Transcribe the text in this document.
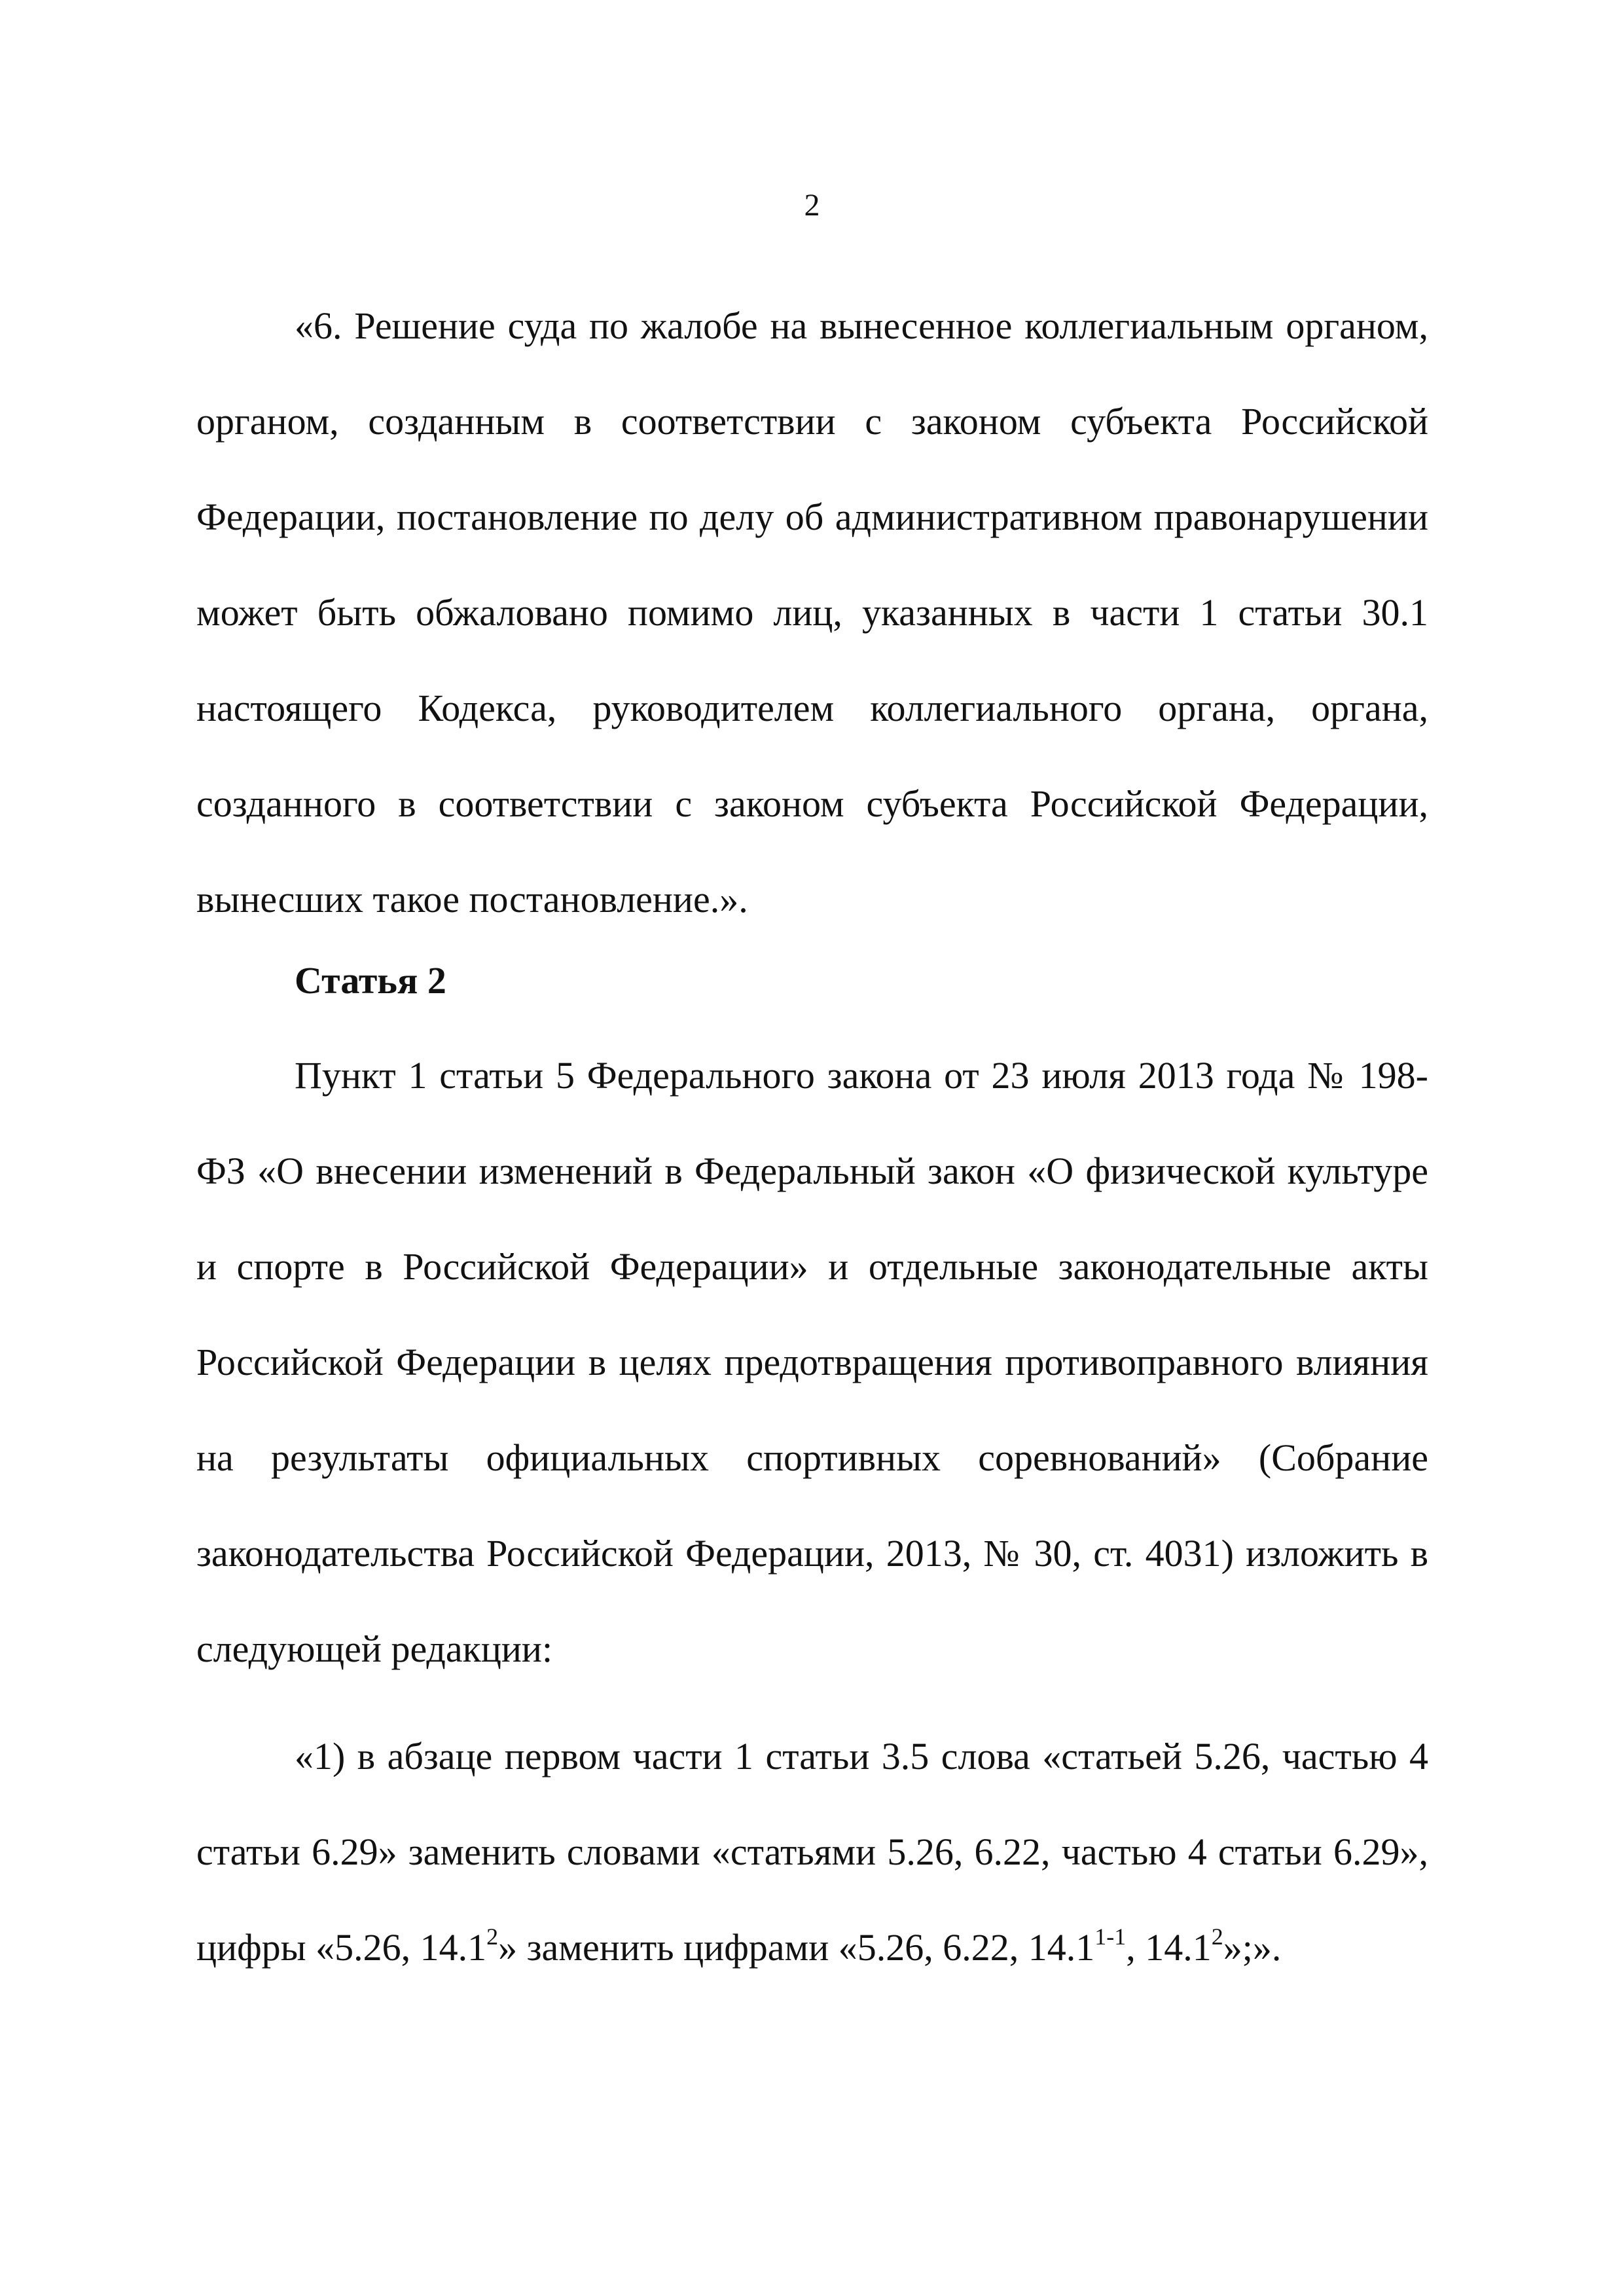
2

«6. Решение суда по жалобе на вынесенное коллегиальным органом, органом, созданным в соответствии с законом субъекта Российской Федерации, постановление по делу об административном правонарушении может быть обжаловано помимо лиц, указанных в части 1 статьи 30.1 настоящего Кодекса, руководителем коллегиального органа, органа, созданного в соответствии с законом субъекта Российской Федерации, вынесших такое постановление.».

Статья 2

Пункт 1 статьи 5 Федерального закона от 23 июля 2013 года № 198-ФЗ «О внесении изменений в Федеральный закон «О физической культуре и спорте в Российской Федерации» и отдельные законодательные акты Российской Федерации в целях предотвращения противоправного влияния на результаты официальных спортивных соревнований» (Собрание законодательства Российской Федерации, 2013, № 30, ст. 4031) изложить в следующей редакции:

«1) в абзаце первом части 1 статьи 3.5 слова «статьей 5.26, частью 4 статьи 6.29» заменить словами «статьями 5.26, 6.22, частью 4 статьи 6.29», цифры «5.26, 14.1$^2$» заменить цифрами «5.26, 6.22, 14.1$^{1-1}$, 14.1$^2$»;».
